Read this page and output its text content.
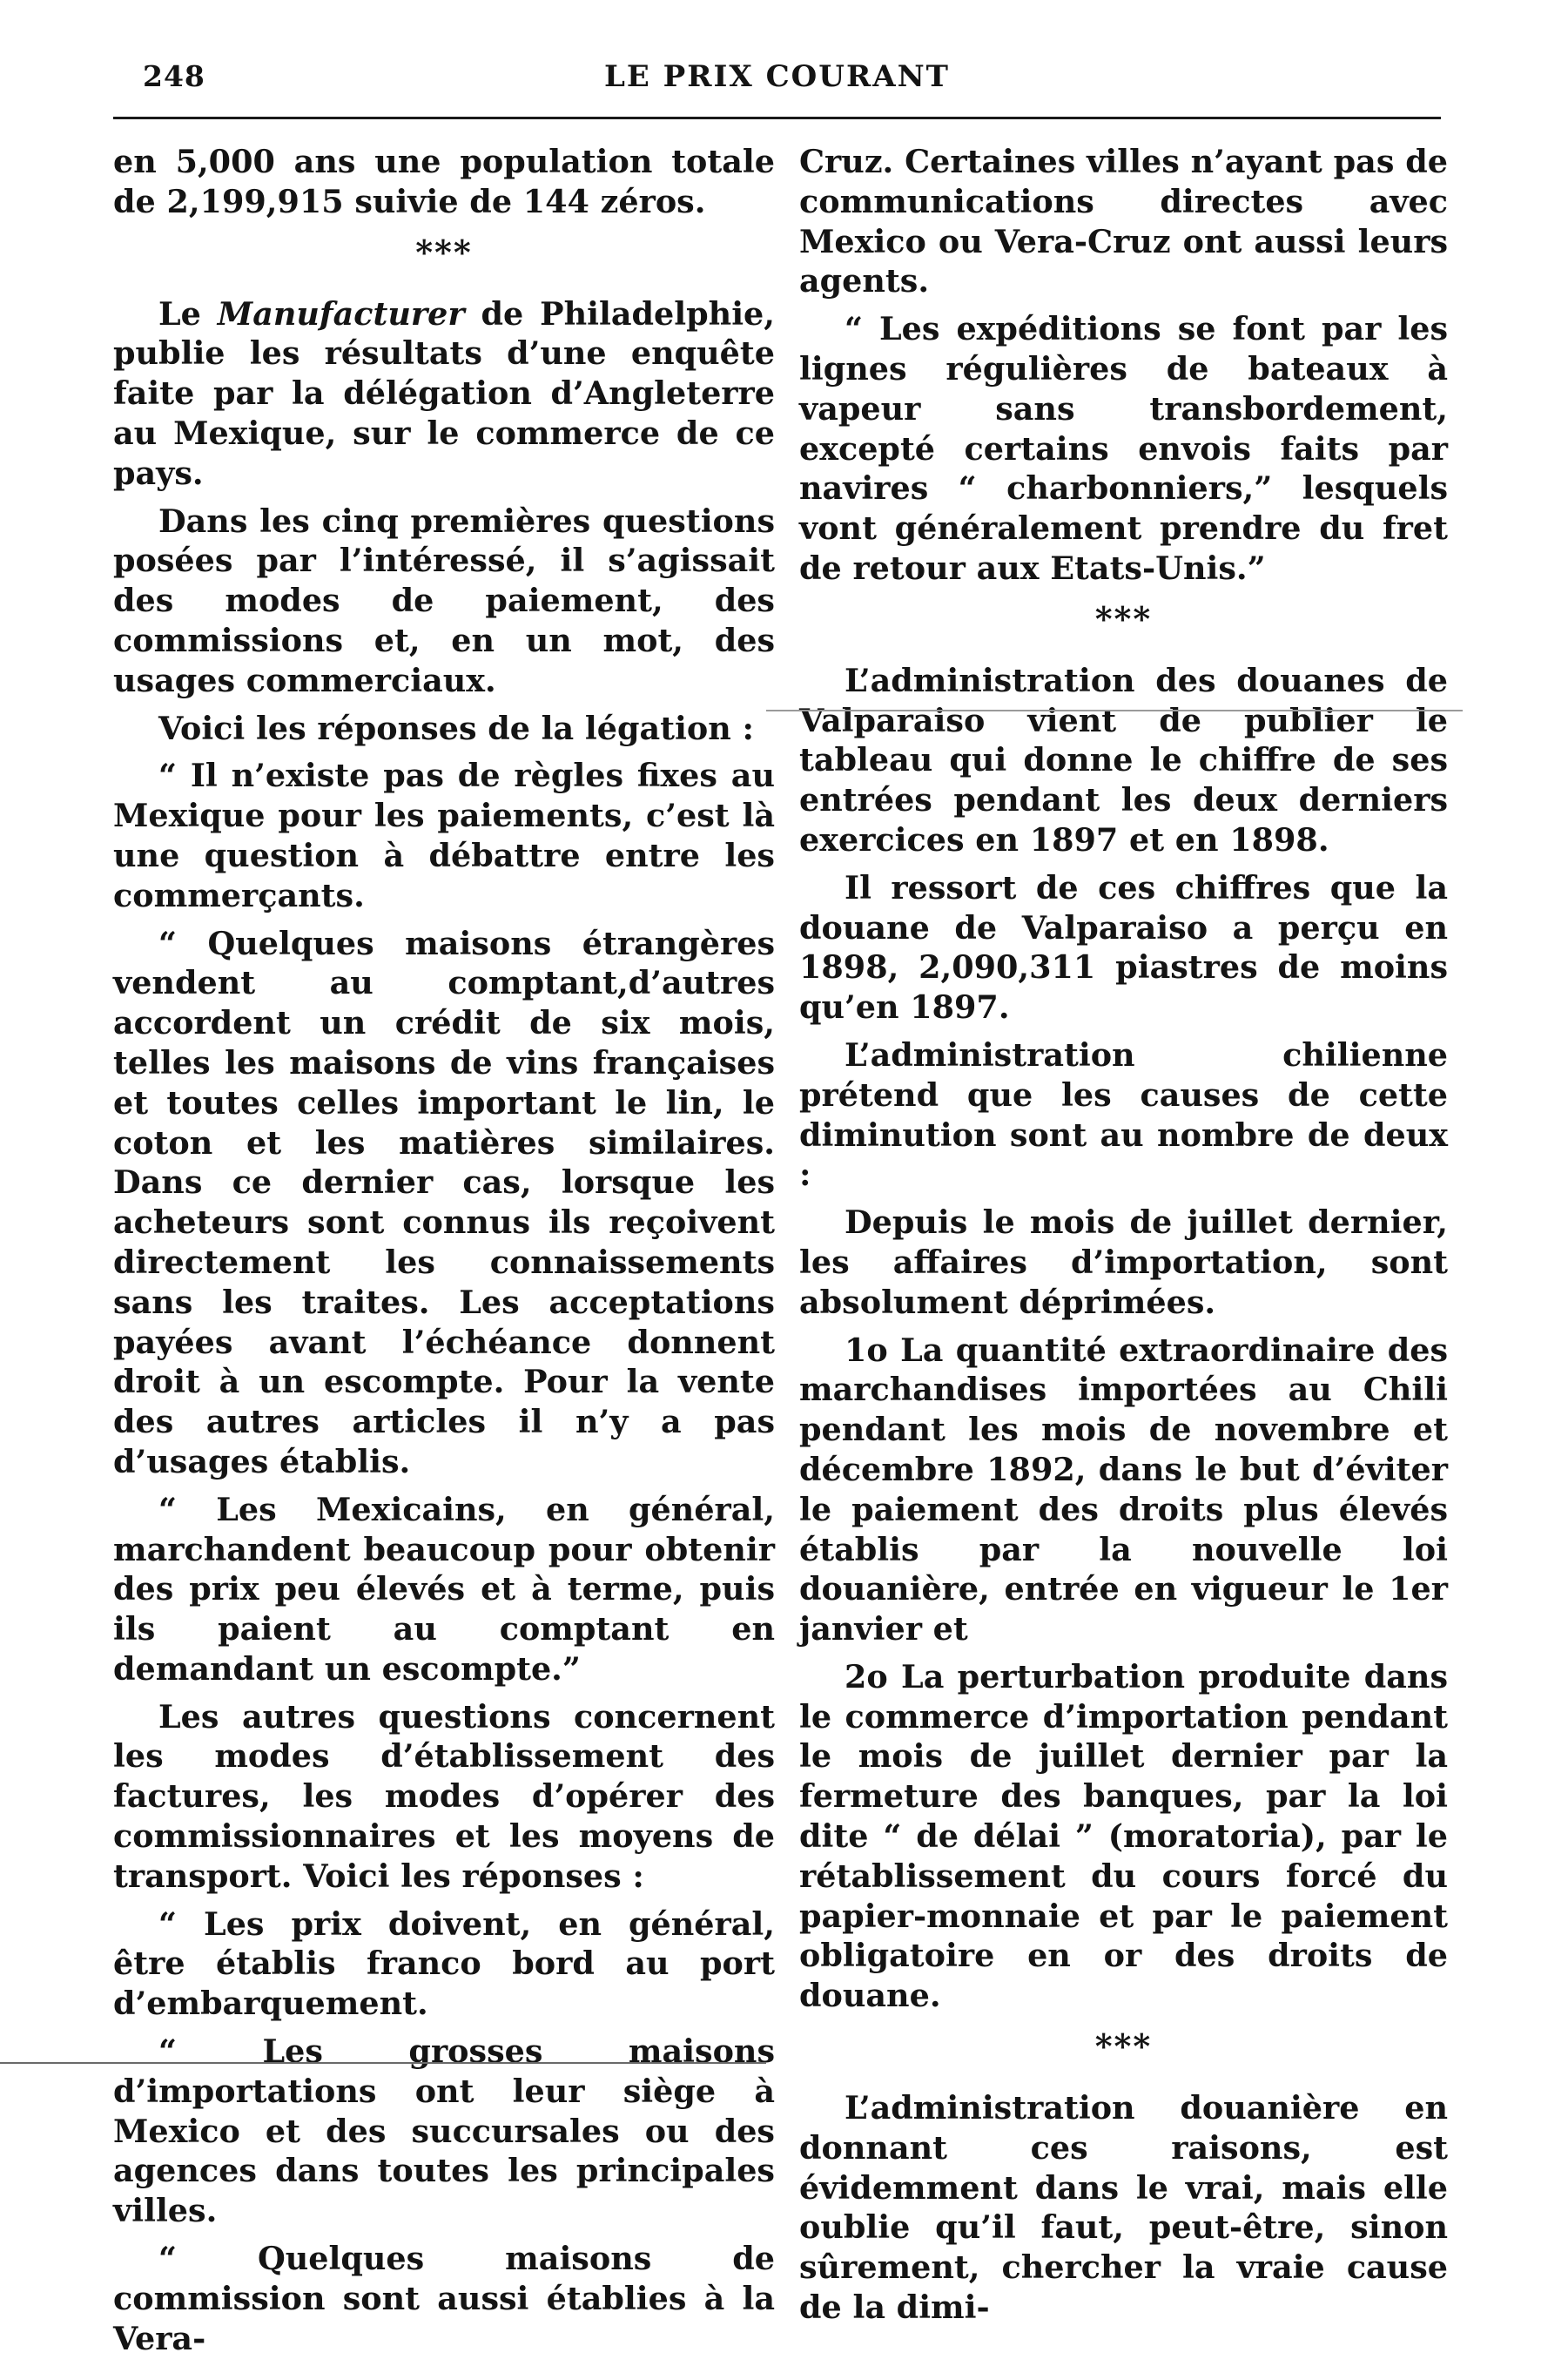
248	LE PRIX COURANT

en 5,000 ans une population totale de 2,199,915 suivie de 144 zéros.

***

Le Manufacturer de Philadelphie, publie les résultats d’une enquête faite par la délégation d’Angleterre au Mexique, sur le commerce de ce pays.

Dans les cinq premières questions posées par l’intéressé, il s’agissait des modes de paiement, des commissions et, en un mot, des usages commerciaux.

Voici les réponses de la légation :

“ Il n’existe pas de règles fixes au Mexique pour les paiements, c’est là une question à débattre entre les commerçants.

“ Quelques maisons étrangères vendent au comptant,d’autres accordent un crédit de six mois, telles les maisons de vins françaises et toutes celles important le lin, le coton et les matières similaires. Dans ce dernier cas, lorsque les acheteurs sont connus ils reçoivent directement les connaissements sans les traites. Les acceptations payées avant l’échéance donnent droit à un escompte. Pour la vente des autres articles il n’y a pas d’usages établis.

“ Les Mexicains, en général, marchandent beaucoup pour obtenir des prix peu élevés et à terme, puis ils paient au comptant en demandant un escompte.”

Les autres questions concernent les modes d’établissement des factures, les modes d’opérer des commissionnaires et les moyens de transport. Voici les réponses :

“ Les prix doivent, en général, être établis franco bord au port d’embarquement.

“ Les grosses maisons d’importations ont leur siège à Mexico et des succursales ou des agences dans toutes les principales villes.

“ Quelques maisons de commission sont aussi établies à la Vera-

Cruz. Certaines villes n’ayant pas de communications directes avec Mexico ou Vera-Cruz ont aussi leurs agents.

“ Les expéditions se font par les lignes régulières de bateaux à vapeur sans transbordement, excepté certains envois faits par navires “ charbonniers,” lesquels vont généralement prendre du fret de retour aux Etats-Unis.”

***

L’administration des douanes de Valparaiso vient de publier le tableau qui donne le chiffre de ses entrées pendant les deux derniers exercices en 1897 et en 1898.

Il ressort de ces chiffres que la douane de Valparaiso a perçu en 1898, 2,090,311 piastres de moins qu’en 1897.

L’administration chilienne prétend que les causes de cette diminution sont au nombre de deux :

Depuis le mois de juillet dernier, les affaires d’importation, sont absolument déprimées.

1o La quantité extraordinaire des marchandises importées au Chili pendant les mois de novembre et décembre 1892, dans le but d’éviter le paiement des droits plus élevés établis par la nouvelle loi douanière, entrée en vigueur le 1er janvier et

2o La perturbation produite dans le commerce d’importation pendant le mois de juillet dernier par la fermeture des banques, par la loi dite “ de délai ” (moratoria), par le rétablissement du cours forcé du papier-monnaie et par le paiement obligatoire en or des droits de douane.

***

L’administration douanière en donnant ces raisons, est évidemment dans le vrai, mais elle oublie qu’il faut, peut-être, sinon sûrement, chercher la vraie cause de la dimi-
